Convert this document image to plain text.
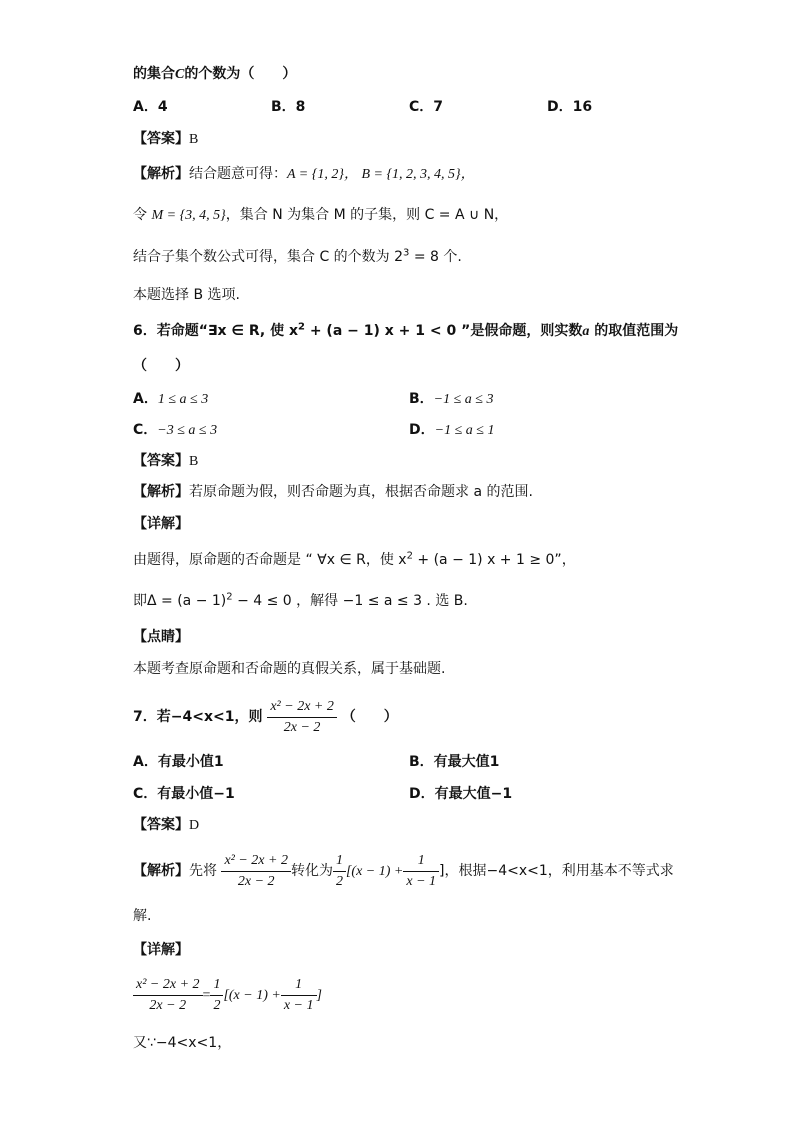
的集合C的个数为（　　）
A．4	B．8	C．7	D．16
【答案】B
【解析】结合题意可得：A = {1, 2}， B = {1, 2, 3, 4, 5}，
令 M = {3, 4, 5}，集合 N 为集合 M 的子集，则 C = A ∪ N，
结合子集个数公式可得，集合 C 的个数为 $2^3 = 8$ 个.
本题选择 B 选项.
6．若命题“∃x ∈ R, 使 $x^2 + (a - 1) x + 1 < 0$ ”是假命题，则实数a 的取值范围为
（　　）
A．1 ≤ a ≤ 3	B．−1 ≤ a ≤ 3
C．−3 ≤ a ≤ 3	D．−1 ≤ a ≤ 1
【答案】B
【解析】若原命题为假，则否命题为真，根据否命题求 a 的范围.
【详解】
由题得，原命题的否命题是 “ ∀x ∈ R，使 $x^2 + (a - 1) x + 1 \ge 0$”，
即$\Delta = (a - 1)^2 - 4 \le 0$ ，解得 −1 ≤ a ≤ 3 . 选 B.
【点睛】
本题考查原命题和否命题的真假关系，属于基础题.
7．若−4<x<1，则 $\frac{\text{x² − 2x + 2}}{2x - 2}$ （　　）
A．有最小值1	B．有最大值1
C．有最小值−1	D．有最大值−1
【答案】D
【解析】先将 $\frac{\text{x² − 2x + 2}}{2x - 2}$ 转化为 $\frac{1}{2} [(x - 1) + \frac{1}{x - 1}$ ]，根据−4<x<1，利用基本不等式求
解.
【详解】
$\frac{\text{x² − 2x + 2}}{2x - 2} = \frac{1}{2} [(x - 1) + \frac{1}{x - 1}$ ]
又∵−4<x<1，
